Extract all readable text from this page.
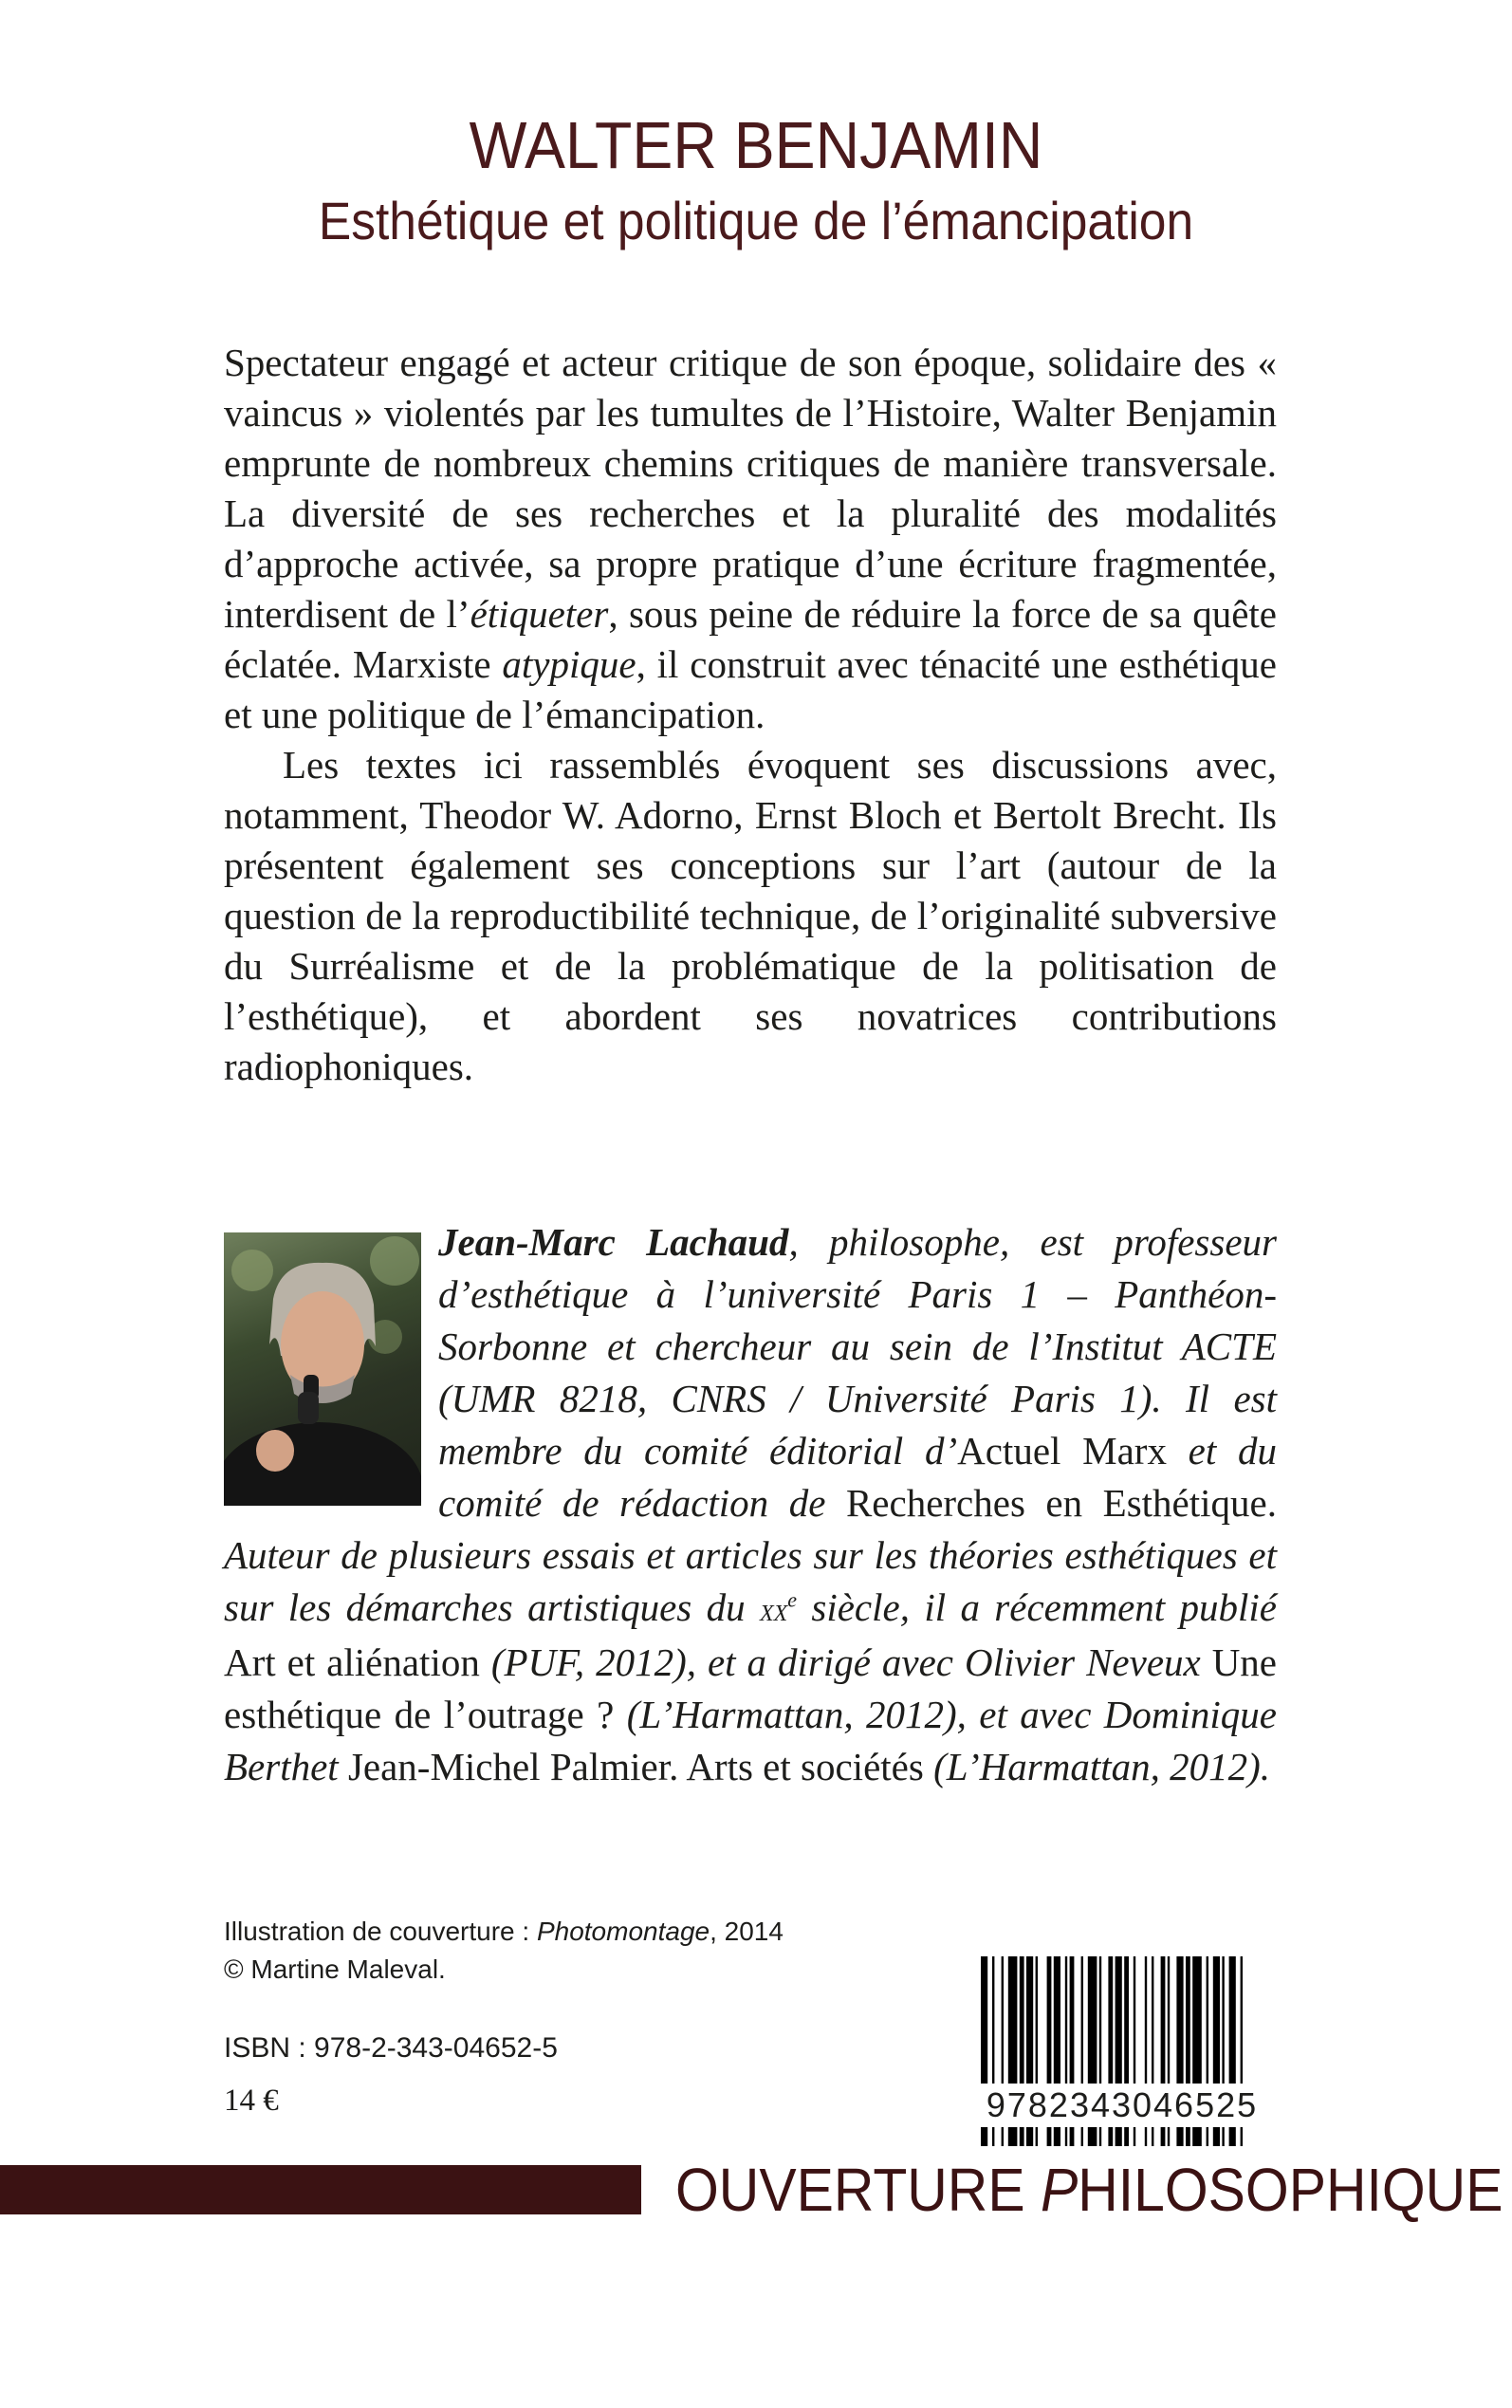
WALTER BENJAMIN
Esthétique et politique de l’émancipation

Spectateur engagé et acteur critique de son époque, solidaire des « vaincus » violentés par les tumultes de l’Histoire, Walter Benjamin emprunte de nombreux chemins critiques de manière transversale. La diversité de ses recherches et la pluralité des modalités d’approche activée, sa propre pratique d’une écriture fragmentée, interdisent de l’étiqueter, sous peine de réduire la force de sa quête éclatée. Marxiste atypique, il construit avec ténacité une esthétique et une politique de l’émancipation.

Les textes ici rassemblés évoquent ses discussions avec, notamment, Theodor W. Adorno, Ernst Bloch et Bertolt Brecht. Ils présentent également ses conceptions sur l’art (autour de la question de la reproductibilité technique, de l’originalité subversive du Surréalisme et de la problématique de la politisation de l’esthétique), et abordent ses novatrices contributions radiophoniques.

Jean-Marc Lachaud, philosophe, est professeur d’esthétique à l’université Paris 1 – Panthéon-Sorbonne et chercheur au sein de l’Institut ACTE (UMR 8218, CNRS / Université Paris 1). Il est membre du comité éditorial d’Actuel Marx et du comité de rédaction de Recherches en Esthétique. Auteur de plusieurs essais et articles sur les théories esthétiques et sur les démarches artistiques du $xx^e$ siècle, il a récemment publié Art et aliénation (PUF, 2012), et a dirigé avec Olivier Neveux Une esthétique de l’outrage ? (L’Harmattan, 2012), et avec Dominique Berthet Jean-Michel Palmier. Arts et sociétés (L’Harmattan, 2012).
Illustration de couverture : Photomontage, 2014
© Martine Maleval.
ISBN : 978-2-343-04652-5
14 €	9782343046525
OUVERTURE PHILOSOPHIQUE
